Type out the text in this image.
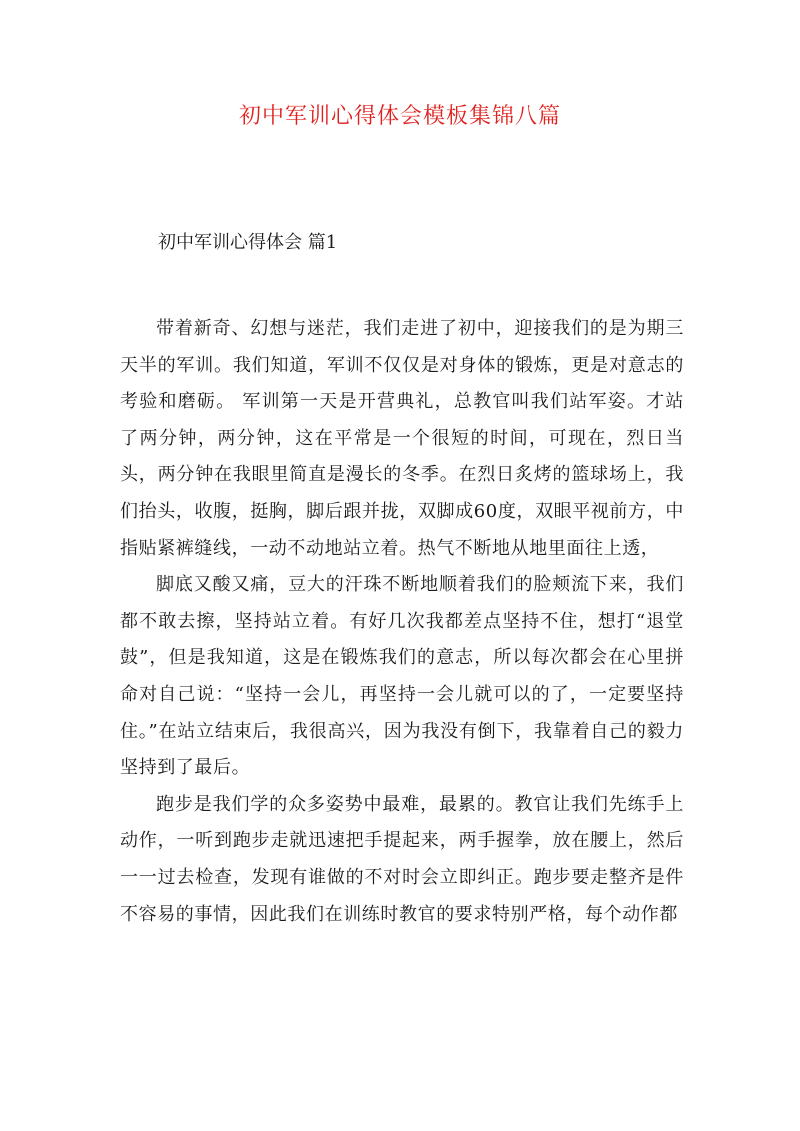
初中军训心得体会模板集锦八篇
初中军训心得体会 篇1

带着新奇、幻想与迷茫，我们走进了初中，迎接我们的是为期三天半的军训。我们知道，军训不仅仅是对身体的锻炼，更是对意志的考验和磨砺。 军训第一天是开营典礼，总教官叫我们站军姿。才站了两分钟，两分钟，这在平常是一个很短的时间，可现在，烈日当头，两分钟在我眼里简直是漫长的冬季。在烈日炙烤的篮球场上，我们抬头，收腹，挺胸，脚后跟并拢，双脚成60度，双眼平视前方，中指贴紧裤缝线，一动不动地站立着。热气不断地从地里面往上透，

脚底又酸又痛，豆大的汗珠不断地顺着我们的脸颊流下来，我们都不敢去擦，坚持站立着。有好几次我都差点坚持不住，想打“退堂鼓”，但是我知道，这是在锻炼我们的意志，所以每次都会在心里拼命对自己说：“坚持一会儿，再坚持一会儿就可以的了，一定要坚持住。”在站立结束后，我很高兴，因为我没有倒下，我靠着自己的毅力坚持到了最后。

跑步是我们学的众多姿势中最难，最累的。教官让我们先练手上动作，一听到跑步走就迅速把手提起来，两手握拳，放在腰上，然后一一过去检查，发现有谁做的不对时会立即纠正。跑步要走整齐是件不容易的事情，因此我们在训练时教官的要求特别严格，每个动作都
